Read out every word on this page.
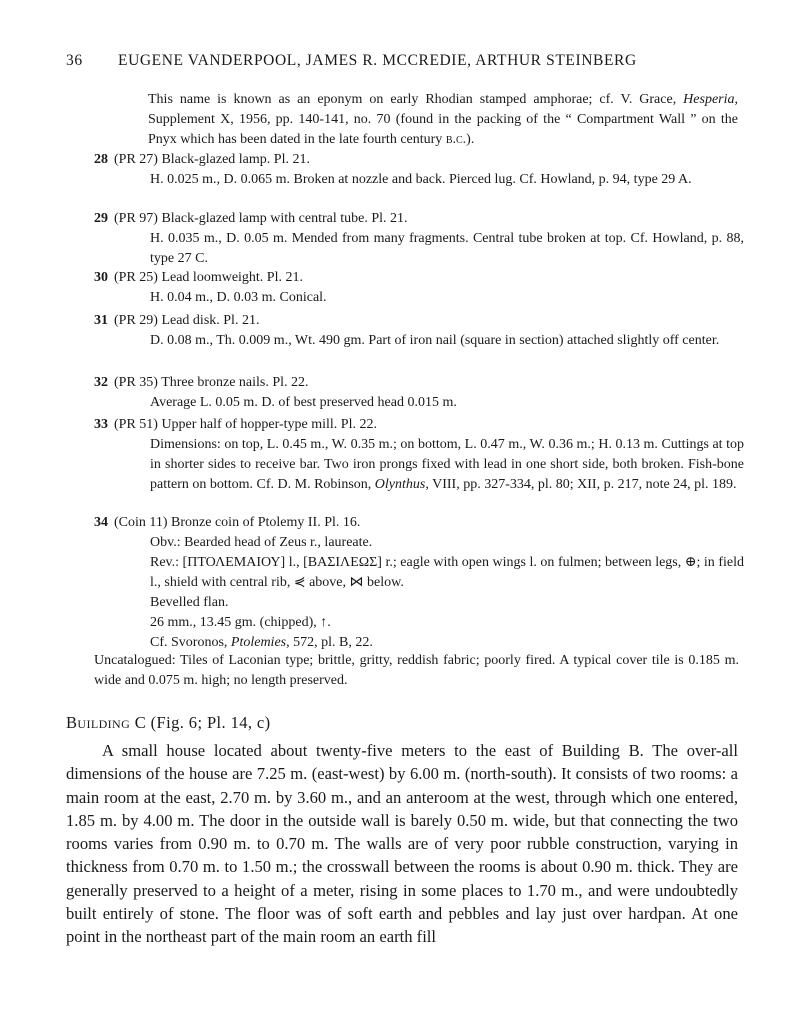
36 EUGENE VANDERPOOL, JAMES R. MCCREDIE, ARTHUR STEINBERG
This name is known as an eponym on early Rhodian stamped amphorae; cf. V. Grace, Hesperia, Supplement X, 1956, pp. 140-141, no. 70 (found in the packing of the “ Compartment Wall ” on the Pnyx which has been dated in the late fourth century b.c.).
28 (PR 27) Black-glazed lamp. Pl. 21.
H. 0.025 m., D. 0.065 m. Broken at nozzle and back. Pierced lug. Cf. Howland, p. 94, type 29 A.
29 (PR 97) Black-glazed lamp with central tube. Pl. 21.
H. 0.035 m., D. 0.05 m. Mended from many fragments. Central tube broken at top. Cf. Howland, p. 88, type 27 C.
30 (PR 25) Lead loomweight. Pl. 21.
H. 0.04 m., D. 0.03 m. Conical.
31 (PR 29) Lead disk. Pl. 21.
D. 0.08 m., Th. 0.009 m., Wt. 490 gm. Part of iron nail (square in section) attached slightly off center.
32 (PR 35) Three bronze nails. Pl. 22.
Average L. 0.05 m. D. of best preserved head 0.015 m.
33 (PR 51) Upper half of hopper-type mill. Pl. 22.
Dimensions: on top, L. 0.45 m., W. 0.35 m.; on bottom, L. 0.47 m., W. 0.36 m.; H. 0.13 m. Cuttings at top in shorter sides to receive bar. Two iron prongs fixed with lead in one short side, both broken. Fish-bone pattern on bottom. Cf. D. M. Robinson, Olynthus, VIII, pp. 327-334, pl. 80; XII, p. 217, note 24, pl. 189.
34 (Coin 11) Bronze coin of Ptolemy II. Pl. 16.

Obv.: Bearded head of Zeus r., laureate.

Rev.: [ΠΤΟΛΕΜΑΙΟΥ] l., [ΒΑΣΙΛΕΩΣ] r.; eagle with open wings l. on fulmen; between legs, ⊕; in field l., shield with central rib, ⋞ above, ⋈ below.

Bevelled flan.

26 mm., 13.45 gm. (chipped), ↑.

Cf. Svoronos, Ptolemies, 572, pl. B, 22.

Uncatalogued: Tiles of Laconian type; brittle, gritty, reddish fabric; poorly fired. A typical cover tile is 0.185 m. wide and 0.075 m. high; no length preserved.
Building C (Fig. 6; Pl. 14, c)

A small house located about twenty-five meters to the east of Building B. The over-all dimensions of the house are 7.25 m. (east-west) by 6.00 m. (north-south). It consists of two rooms: a main room at the east, 2.70 m. by 3.60 m., and an anteroom at the west, through which one entered, 1.85 m. by 4.00 m. The door in the outside wall is barely 0.50 m. wide, but that connecting the two rooms varies from 0.90 m. to 0.70 m. The walls are of very poor rubble construction, varying in thickness from 0.70 m. to 1.50 m.; the crosswall between the rooms is about 0.90 m. thick. They are generally preserved to a height of a meter, rising in some places to 1.70 m., and were undoubtedly built entirely of stone. The floor was of soft earth and pebbles and lay just over hardpan. At one point in the northeast part of the main room an earth fill
